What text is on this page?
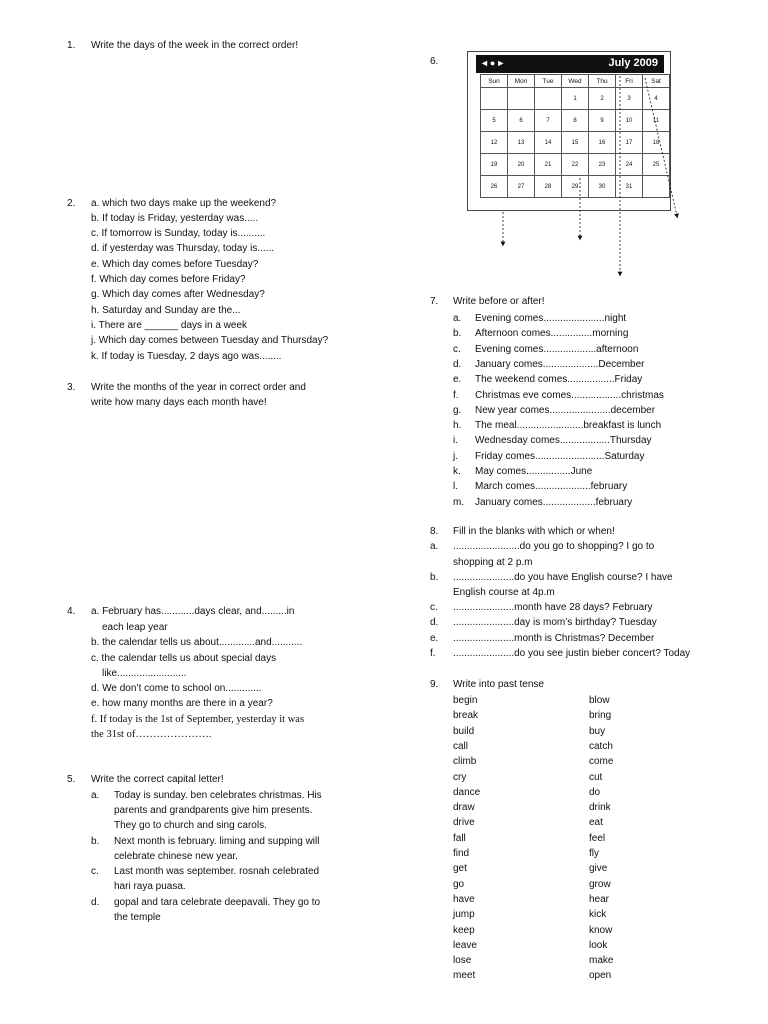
1. Write the days of the week in the correct order!
2. a. which two days make up the weekend?
b. If today is Friday, yesterday was.....
c. If tomorrow is Sunday, today is..........
d. if yesterday was Thursday, today is......
e. Which day comes before Tuesday?
f. Which day comes before Friday?
g. Which day comes after Wednesday?
h. Saturday and Sunday are the...
i. There are ______ days in a week
j. Which day comes between Tuesday and Thursday?
k. If today is Tuesday, 2 days ago was........
3. Write the months of the year in correct order and
write how many days each month have!
4. a. February has............days clear, and.........in
each leap year
b. the calendar tells us about.............and...........
c. the calendar tells us about special days
like.........................
d. We don’t come to school on.............
e. how many months are there in a year?
f. If today is the 1st of September, yesterday it was
the 31st of………………….
5. Write the correct capital letter!
a. Today is sunday. ben celebrates christmas. His
parents and grandparents give him presents.
They go to church and sing carols.
b. Next month is february. liming and supping will
celebrate chinese new year.
c. Last month was september. rosnah celebrated
hari raya puasa.
d. gopal and tara celebrate deepavali. They go to
the temple
6.	◄●►	July 2009
Sun	Mon	Tue	Wed	Thu	Fri	Sat
			1	2	3	4
5	6	7	8	9	10	11
12	13	14	15	16	17	18
19	20	21	22	23	24	25
26	27	28	29	30	31	
7. Write before or after!
a. Evening comes......................night
b. Afternoon comes...............morning
c. Evening comes...................afternoon
d. January comes....................December
e. The weekend comes.................Friday
f. Christmas eve comes..................christmas
g. New year comes......................december
h. The meal........................breakfast is lunch
i. Wednesday comes..................Thursday
j. Friday comes.........................Saturday
k. May comes................June
l. March comes....................february
m. January comes...................february
8. Fill in the blanks with which or when!
a. ........................do you go to shopping? I go to
shopping at 2 p.m
b. ......................do you have English course? I have
English course at 4p.m
c. ......................month have 28 days? February
d. ......................day is mom’s birthday? Tuesday
e. ......................month is Christmas? December
f. ......................do you see justin bieber concert? Today
9. Write into past tense
begin	blow
break	bring
build	buy
call	catch
climb	come
cry	cut
dance	do
draw	drink
drive	eat
fall	feel
find	fly
get	give
go	grow
have	hear
jump	kick
keep	know
leave	look
lose	make
meet	open
